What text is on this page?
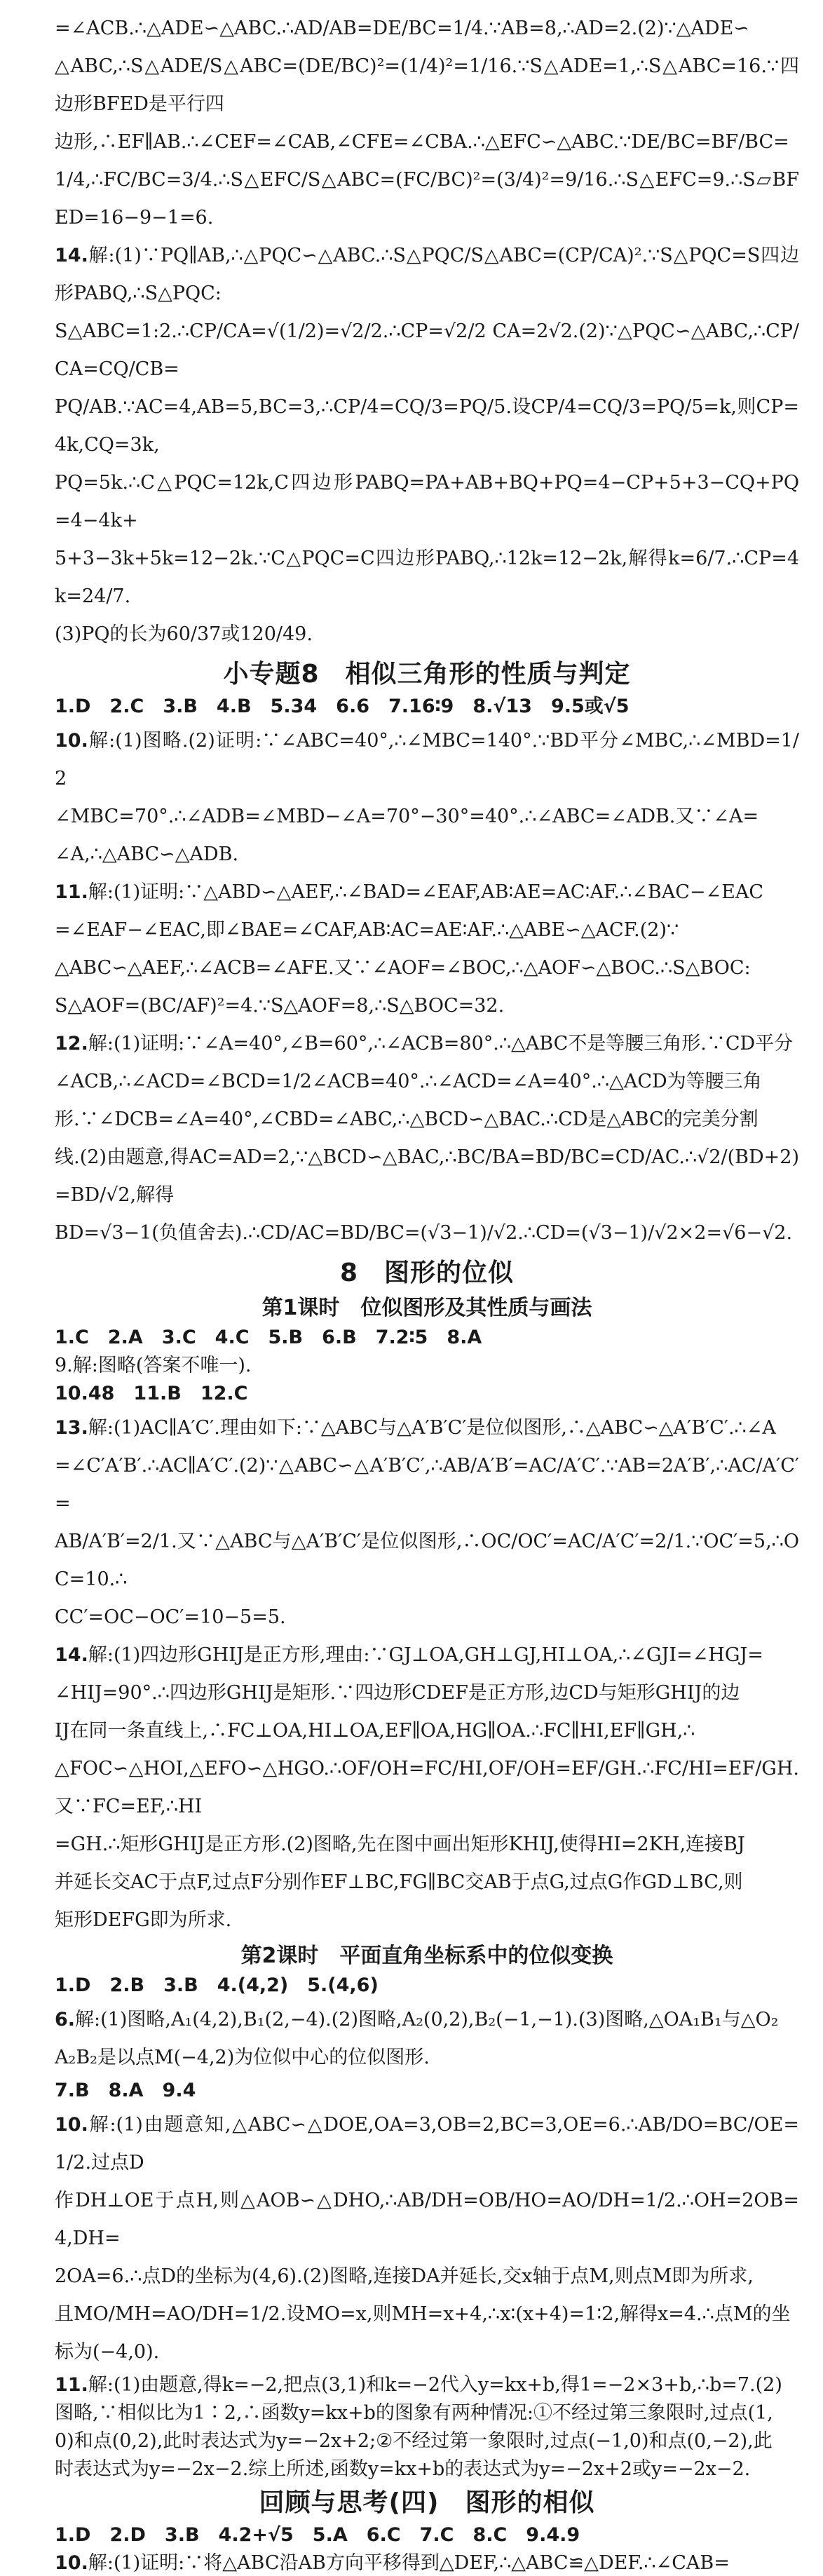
=∠ACB.∴△ADE∽△ABC.∴AD/AB=DE/BC=1/4.∵AB=8,∴AD=2.(2)∵△ADE∽

△ABC,∴S△ADE/S△ABC=(DE/BC)²=(1/4)²=1/16.∵S△ADE=1,∴S△ABC=16.∵四边形BFED是平行四

边形,∴EF∥AB.∴∠CEF=∠CAB,∠CFE=∠CBA.∴△EFC∽△ABC.∵DE/BC=BF/BC=

1/4,∴FC/BC=3/4.∴S△EFC/S△ABC=(FC/BC)²=(3/4)²=9/16.∴S△EFC=9.∴S▱BFED=16−9−1=6.

14.解:(1)∵PQ∥AB,∴△PQC∽△ABC.∴S△PQC/S△ABC=(CP/CA)².∵S△PQC=S四边形PABQ,∴S△PQC:

S△ABC=1:2.∴CP/CA=√(1/2)=√2/2.∴CP=√2/2 CA=2√2.(2)∵△PQC∽△ABC,∴CP/CA=CQ/CB=

PQ/AB.∵AC=4,AB=5,BC=3,∴CP/4=CQ/3=PQ/5.设CP/4=CQ/3=PQ/5=k,则CP=4k,CQ=3k,

PQ=5k.∴C△PQC=12k,C四边形PABQ=PA+AB+BQ+PQ=4−CP+5+3−CQ+PQ=4−4k+

5+3−3k+5k=12−2k.∵C△PQC=C四边形PABQ,∴12k=12−2k,解得k=6/7.∴CP=4k=24/7.

(3)PQ的长为60/37或120/49.

小专题8　相似三角形的性质与判定

1.D　2.C　3.B　4.B　5.34　6.6　7.16∶9　8.√13　9.5或√5

10.解:(1)图略.(2)证明:∵∠ABC=40°,∴∠MBC=140°.∵BD平分∠MBC,∴∠MBD=1/2

∠MBC=70°.∴∠ADB=∠MBD−∠A=70°−30°=40°.∴∠ABC=∠ADB.又∵∠A=

∠A,∴△ABC∽△ADB.

11.解:(1)证明:∵△ABD∽△AEF,∴∠BAD=∠EAF,AB∶AE=AC∶AF.∴∠BAC−∠EAC

=∠EAF−∠EAC,即∠BAE=∠CAF,AB∶AC=AE∶AF.∴△ABE∽△ACF.(2)∵

△ABC∽△AEF,∴∠ACB=∠AFE.又∵∠AOF=∠BOC,∴△AOF∽△BOC.∴S△BOC:

S△AOF=(BC/AF)²=4.∵S△AOF=8,∴S△BOC=32.

12.解:(1)证明:∵∠A=40°,∠B=60°,∴∠ACB=80°.∴△ABC不是等腰三角形.∵CD平分

∠ACB,∴∠ACD=∠BCD=1/2∠ACB=40°.∴∠ACD=∠A=40°.∴△ACD为等腰三角

形.∵∠DCB=∠A=40°,∠CBD=∠ABC,∴△BCD∽△BAC.∴CD是△ABC的完美分割

线.(2)由题意,得AC=AD=2,∵△BCD∽△BAC,∴BC/BA=BD/BC=CD/AC.∴√2/(BD+2)=BD/√2,解得

BD=√3−1(负值舍去).∴CD/AC=BD/BC=(√3−1)/√2.∴CD=(√3−1)/√2×2=√6−√2.

8　图形的位似
第1课时　位似图形及其性质与画法

1.C　2.A　3.C　4.C　5.B　6.B　7.2∶5　8.A

9.解:图略(答案不唯一).

10.48　11.B　12.C

13.解:(1)AC∥A′C′.理由如下:∵△ABC与△A′B′C′是位似图形,∴△ABC∽△A′B′C′.∴∠A

=∠C′A′B′.∴AC∥A′C′.(2)∵△ABC∽△A′B′C′,∴AB/A′B′=AC/A′C′.∵AB=2A′B′,∴AC/A′C′=

AB/A′B′=2/1.又∵△ABC与△A′B′C′是位似图形,∴OC/OC′=AC/A′C′=2/1.∵OC′=5,∴OC=10.∴

CC′=OC−OC′=10−5=5.

14.解:(1)四边形GHIJ是正方形,理由:∵GJ⊥OA,GH⊥GJ,HI⊥OA,∴∠GJI=∠HGJ=

∠HIJ=90°.∴四边形GHIJ是矩形.∵四边形CDEF是正方形,边CD与矩形GHIJ的边

IJ在同一条直线上,∴FC⊥OA,HI⊥OA,EF∥OA,HG∥OA.∴FC∥HI,EF∥GH,∴

△FOC∽△HOI,△EFO∽△HGO.∴OF/OH=FC/HI,OF/OH=EF/GH.∴FC/HI=EF/GH.又∵FC=EF,∴HI

=GH.∴矩形GHIJ是正方形.(2)图略,先在图中画出矩形KHIJ,使得HI=2KH,连接BJ

并延长交AC于点F,过点F分别作EF⊥BC,FG∥BC交AB于点G,过点G作GD⊥BC,则

矩形DEFG即为所求.

第2课时　平面直角坐标系中的位似变换

1.D　2.B　3.B　4.(4,2)　5.(4,6)

6.解:(1)图略,A₁(4,2),B₁(2,−4).(2)图略,A₂(0,2),B₂(−1,−1).(3)图略,△OA₁B₁与△O₂

A₂B₂是以点M(−4,2)为位似中心的位似图形.

7.B　8.A　9.4

10.解:(1)由题意知,△ABC∽△DOE,OA=3,OB=2,BC=3,OE=6.∴AB/DO=BC/OE=1/2.过点D

作DH⊥OE于点H,则△AOB∽△DHO,∴AB/DH=OB/HO=AO/DH=1/2.∴OH=2OB=4,DH=

2OA=6.∴点D的坐标为(4,6).(2)图略,连接DA并延长,交x轴于点M,则点M即为所求,

且MO/MH=AO/DH=1/2.设MO=x,则MH=x+4,∴x∶(x+4)=1∶2,解得x=4.∴点M的坐

标为(−4,0).

11.解:(1)由题意,得k=−2,把点(3,1)和k=−2代入y=kx+b,得1=−2×3+b,∴b=7.(2)

图略,∵相似比为1∶2,∴函数y=kx+b的图象有两种情况:①不经过第三象限时,过点(1,

0)和点(0,2),此时表达式为y=−2x+2;②不经过第一象限时,过点(−1,0)和点(0,−2),此

时表达式为y=−2x−2.综上所述,函数y=kx+b的表达式为y=−2x+2或y=−2x−2.

回顾与思考(四)　图形的相似

1.D　2.D　3.B　4.2+√5　5.A　6.C　7.C　8.C　9.4.9

10.解:(1)证明:∵将△ABC沿AB方向平移得到△DEF,∴△ABC≌△DEF.∴∠CAB=
